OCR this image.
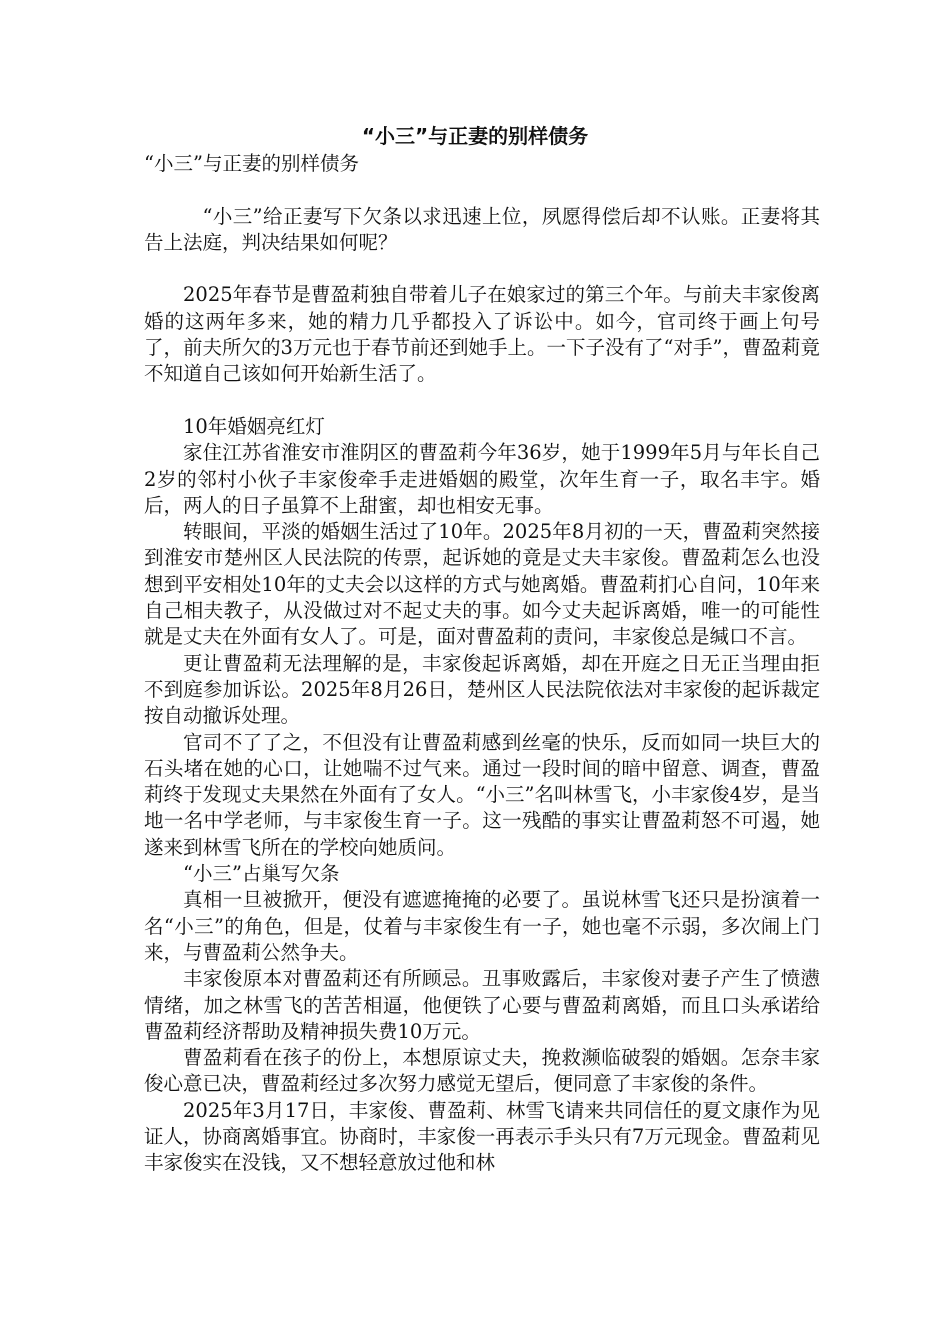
“小三”与正妻的别样债务

“小三”与正妻的别样债务

“小三”给正妻写下欠条以求迅速上位，夙愿得偿后却不认账。正妻将其告上法庭，判决结果如何呢？

2025年春节是曹盈莉独自带着儿子在娘家过的第三个年。与前夫丰家俊离婚的这两年多来，她的精力几乎都投入了诉讼中。如今，官司终于画上句号了，前夫所欠的3万元也于春节前还到她手上。一下子没有了“对手”，曹盈莉竟不知道自己该如何开始新生活了。

10年婚姻亮红灯

家住江苏省淮安市淮阴区的曹盈莉今年36岁，她于1999年5月与年长自己2岁的邻村小伙子丰家俊牵手走进婚姻的殿堂，次年生育一子，取名丰宇。婚后，两人的日子虽算不上甜蜜，却也相安无事。

转眼间，平淡的婚姻生活过了10年。2025年8月初的一天，曹盈莉突然接到淮安市楚州区人民法院的传票，起诉她的竟是丈夫丰家俊。曹盈莉怎么也没想到平安相处10年的丈夫会以这样的方式与她离婚。曹盈莉扪心自问，10年来自己相夫教子，从没做过对不起丈夫的事。如今丈夫起诉离婚，唯一的可能性就是丈夫在外面有女人了。可是，面对曹盈莉的责问，丰家俊总是缄口不言。

更让曹盈莉无法理解的是，丰家俊起诉离婚，却在开庭之日无正当理由拒不到庭参加诉讼。2025年8月26日，楚州区人民法院依法对丰家俊的起诉裁定按自动撤诉处理。

官司不了了之，不但没有让曹盈莉感到丝毫的快乐，反而如同一块巨大的石头堵在她的心口，让她喘不过气来。通过一段时间的暗中留意、调查，曹盈莉终于发现丈夫果然在外面有了女人。“小三”名叫林雪飞，小丰家俊4岁，是当地一名中学老师，与丰家俊生育一子。这一残酷的事实让曹盈莉怒不可遏，她遂来到林雪飞所在的学校向她质问。

“小三”占巢写欠条

真相一旦被掀开，便没有遮遮掩掩的必要了。虽说林雪飞还只是扮演着一名“小三”的角色，但是，仗着与丰家俊生有一子，她也毫不示弱，多次闹上门来，与曹盈莉公然争夫。

丰家俊原本对曹盈莉还有所顾忌。丑事败露后，丰家俊对妻子产生了愤懑情绪，加之林雪飞的苦苦相逼，他便铁了心要与曹盈莉离婚，而且口头承诺给曹盈莉经济帮助及精神损失费10万元。

曹盈莉看在孩子的份上，本想原谅丈夫，挽救濒临破裂的婚姻。怎奈丰家俊心意已决，曹盈莉经过多次努力感觉无望后，便同意了丰家俊的条件。

2025年3月17日，丰家俊、曹盈莉、林雪飞请来共同信任的夏文康作为见证人，协商离婚事宜。协商时，丰家俊一再表示手头只有7万元现金。曹盈莉见丰家俊实在没钱，又不想轻意放过他和林
